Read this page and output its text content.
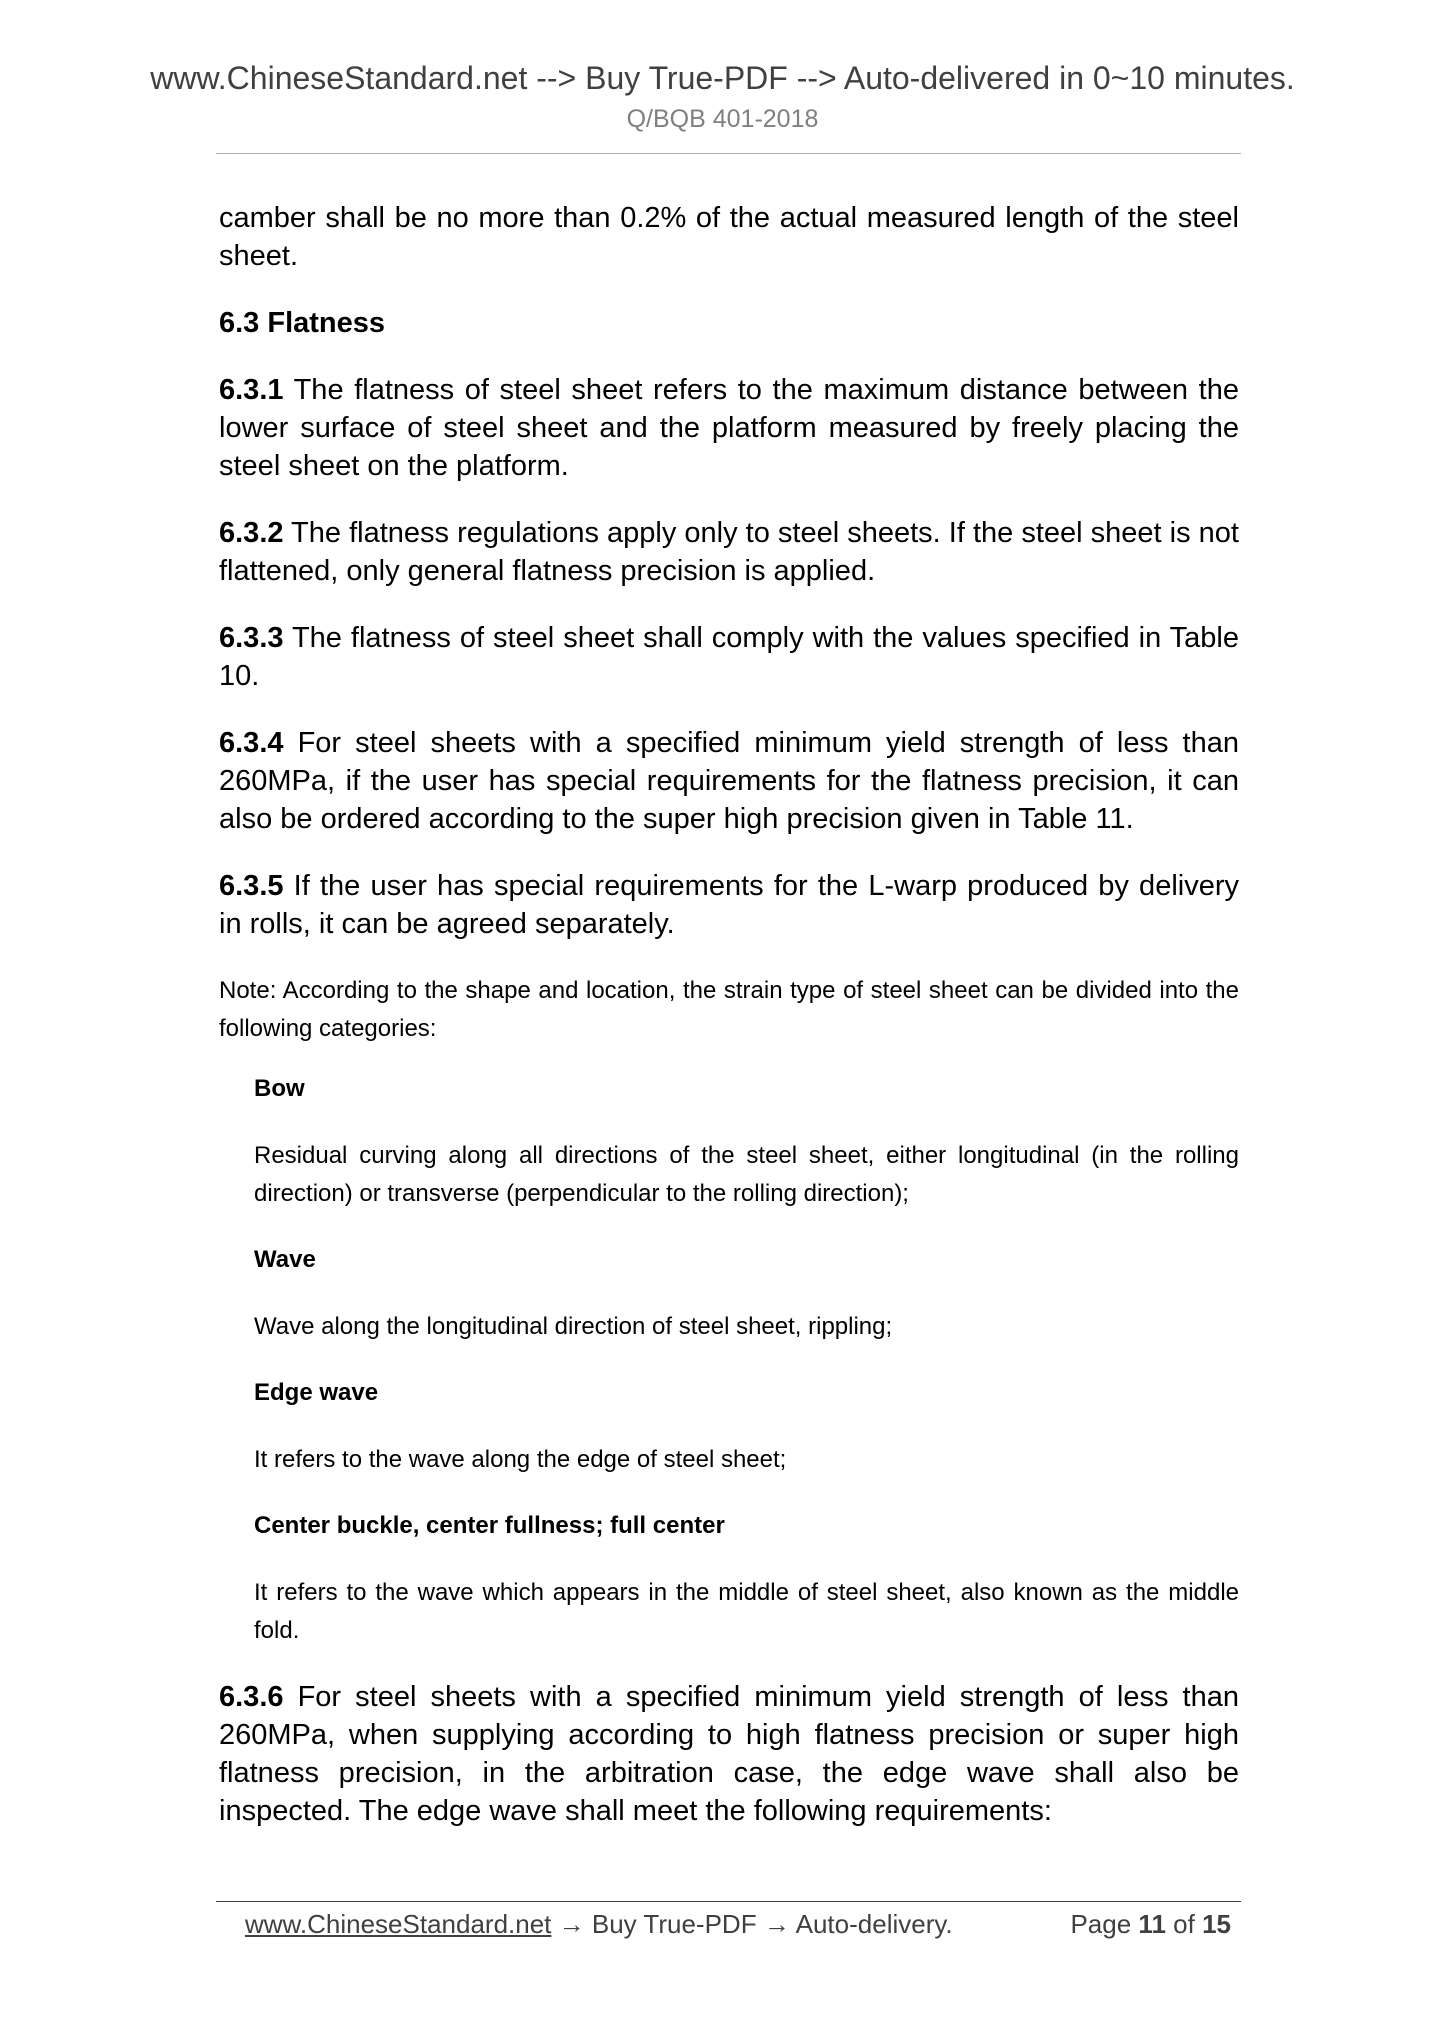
www.ChineseStandard.net --> Buy True-PDF --> Auto-delivered in 0~10 minutes.
Q/BQB 401-2018

camber shall be no more than 0.2% of the actual measured length of the steel sheet.

6.3 Flatness

6.3.1 The flatness of steel sheet refers to the maximum distance between the lower surface of steel sheet and the platform measured by freely placing the steel sheet on the platform.

6.3.2 The flatness regulations apply only to steel sheets. If the steel sheet is not flattened, only general flatness precision is applied.

6.3.3 The flatness of steel sheet shall comply with the values specified in Table 10.

6.3.4 For steel sheets with a specified minimum yield strength of less than 260MPa, if the user has special requirements for the flatness precision, it can also be ordered according to the super high precision given in Table 11.

6.3.5 If the user has special requirements for the L-warp produced by delivery in rolls, it can be agreed separately.

Note: According to the shape and location, the strain type of steel sheet can be divided into the following categories:

Bow
Residual curving along all directions of the steel sheet, either longitudinal (in the rolling direction) or transverse (perpendicular to the rolling direction);
Wave
Wave along the longitudinal direction of steel sheet, rippling;
Edge wave
It refers to the wave along the edge of steel sheet;
Center buckle, center fullness; full center
It refers to the wave which appears in the middle of steel sheet, also known as the middle fold.

6.3.6 For steel sheets with a specified minimum yield strength of less than 260MPa, when supplying according to high flatness precision or super high flatness precision, in the arbitration case, the edge wave shall also be inspected. The edge wave shall meet the following requirements:

www.ChineseStandard.net → Buy True-PDF → Auto-delivery.	Page 11 of 15
